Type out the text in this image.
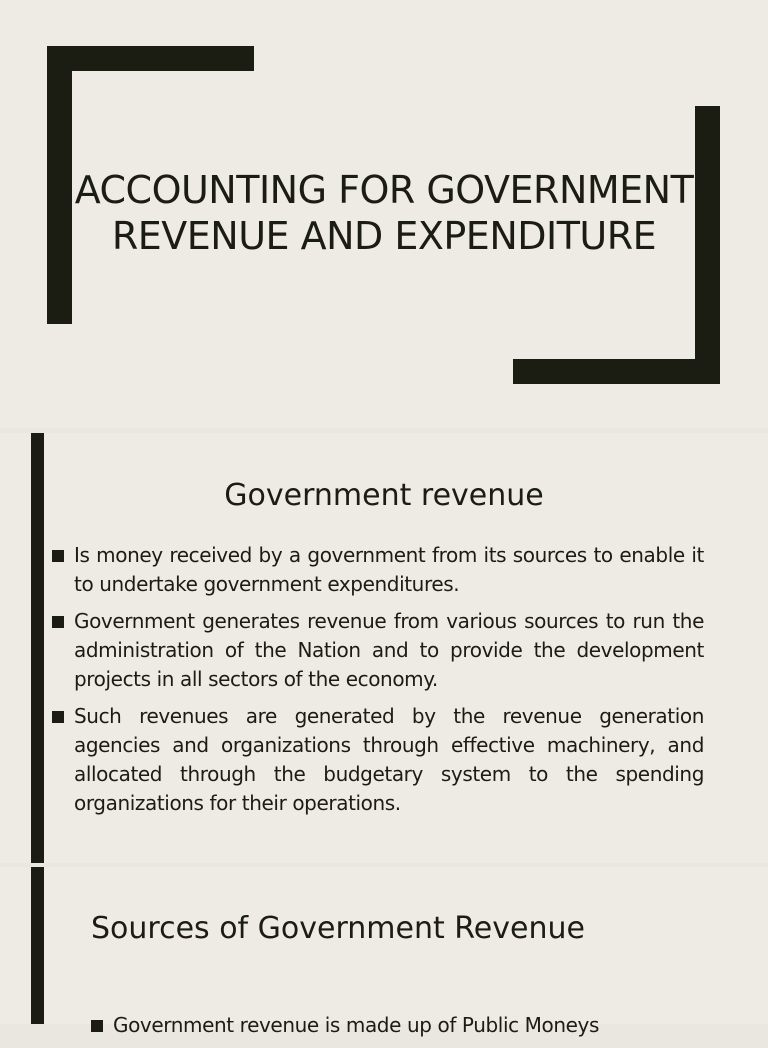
ACCOUNTING FOR GOVERNMENT
REVENUE AND EXPENDITURE
Government revenue
Is money received by a government from its sources to enable it to undertake government expenditures.
Government generates revenue from various sources to run the administration of the Nation and to provide the development projects in all sectors of the economy.
Such revenues are generated by the revenue generation agencies and organizations through effective machinery, and allocated through the budgetary system to the spending organizations for their operations.
Sources of Government Revenue
Government revenue is made up of Public Moneys
